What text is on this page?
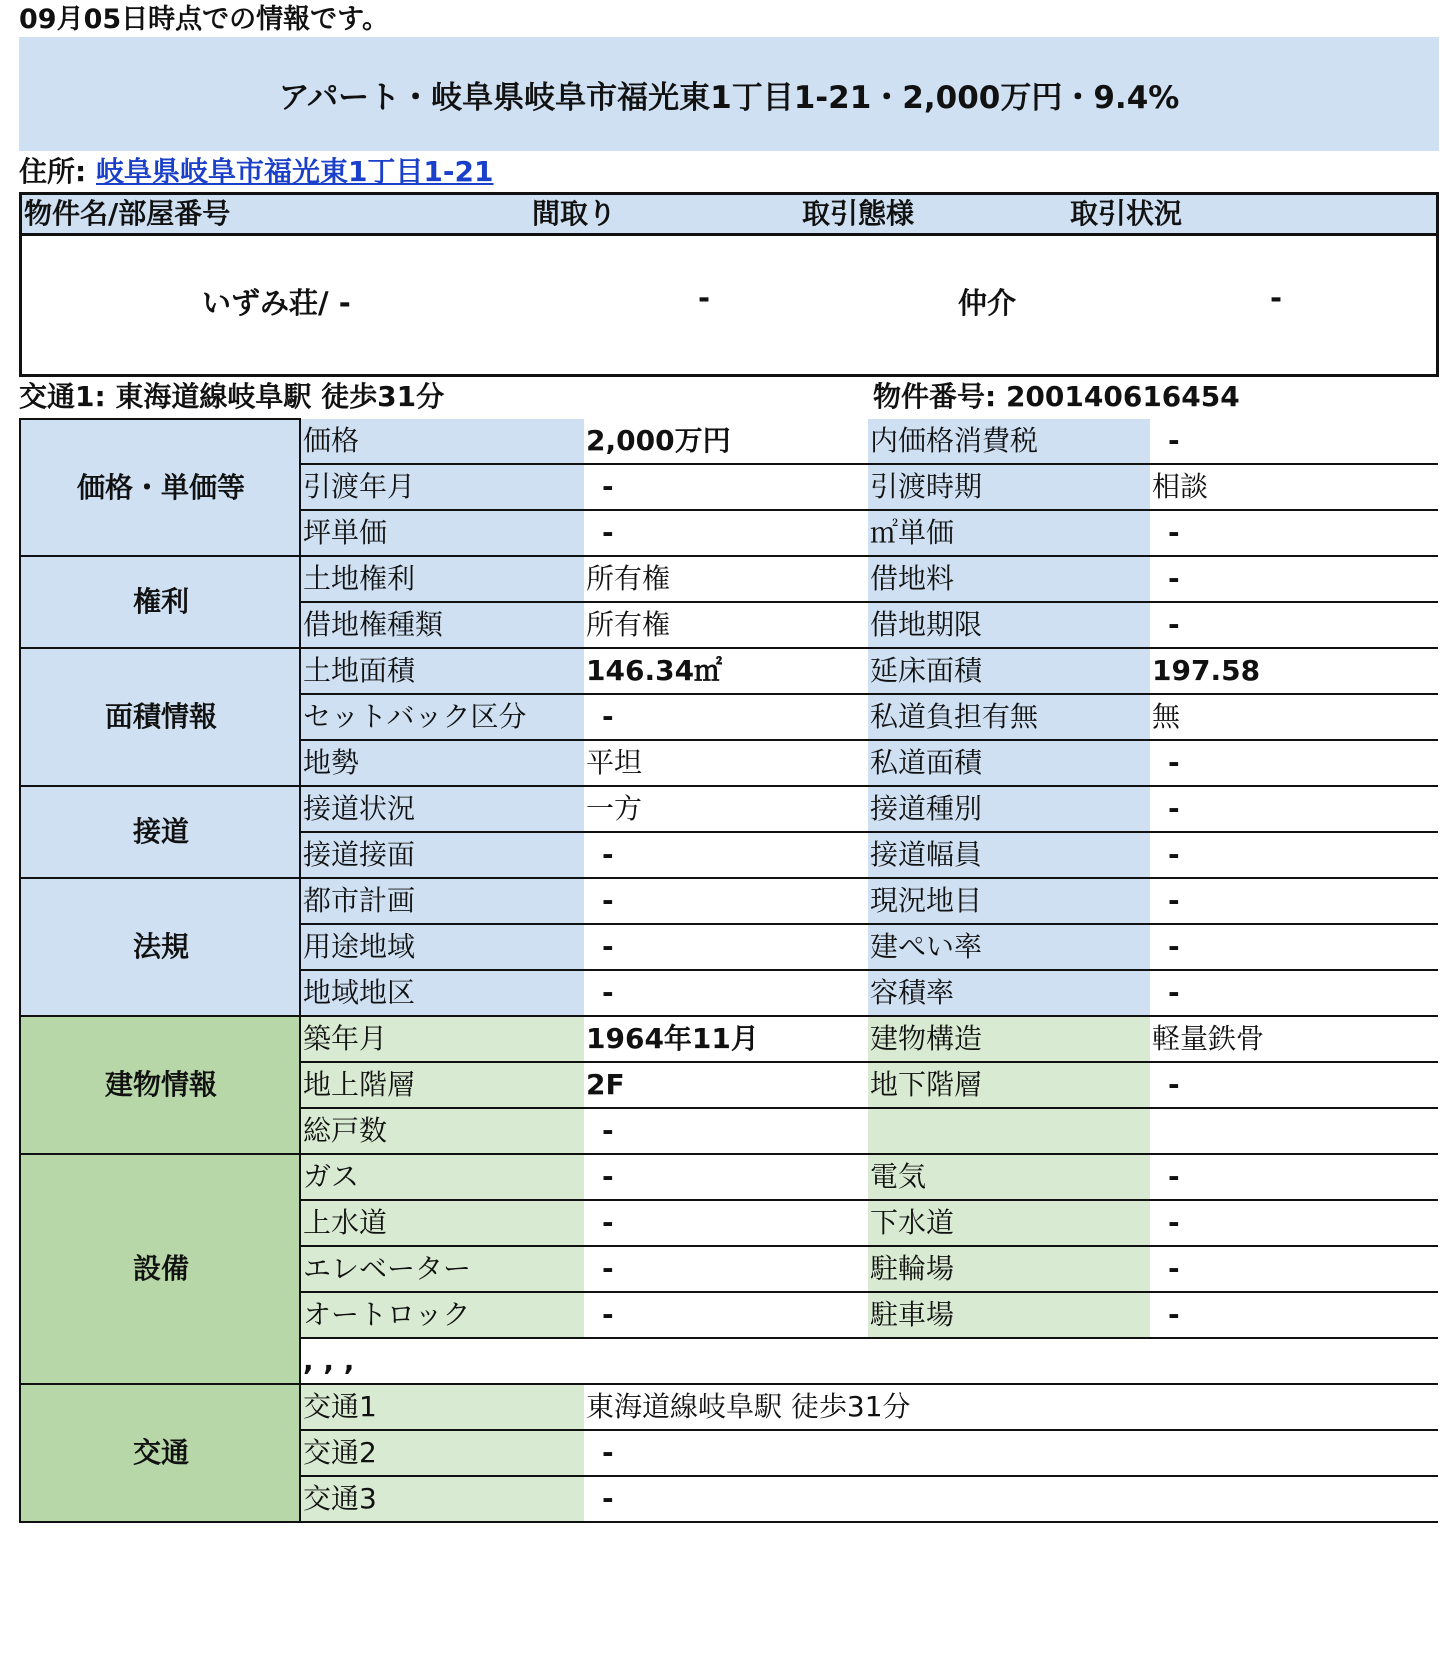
09月05日時点での情報です。
アパート・岐阜県岐阜市福光東1丁目1-21・2,000万円・9.4%
住所: 岐阜県岐阜市福光東1丁目1-21
物件名/部屋番号	間取り	取引態様	取引状況
いずみ荘/ -	-	仲介	-
交通1: 東海道線岐阜駅 徒歩31分	物件番号: 200140616454
価格・単価等	価格	2,000万円	内価格消費税	-
	引渡年月	-	引渡時期	相談
	坪単価	-	㎡単価	-
権利	土地権利	所有権	借地料	-
	借地権種類	所有権	借地期限	-
面積情報	土地面積	146.34㎡	延床面積	197.58
	セットバック区分	-	私道負担有無	無
	地勢	平坦	私道面積	-
接道	接道状況	一方	接道種別	-
	接道接面	-	接道幅員	-
法規	都市計画	-	現況地目	-
	用途地域	-	建ぺい率	-
	地域地区	-	容積率	-
建物情報	築年月	1964年11月	建物構造	軽量鉄骨
	地上階層	2F	地下階層	-
	総戸数	-		
設備	ガス	-	電気	-
	上水道	-	下水道	-
	エレベーター	-	駐輪場	-
	オートロック	-	駐車場	-
	, , ,			
交通	交通1	東海道線岐阜駅 徒歩31分		
	交通2	-		
	交通3	-		
